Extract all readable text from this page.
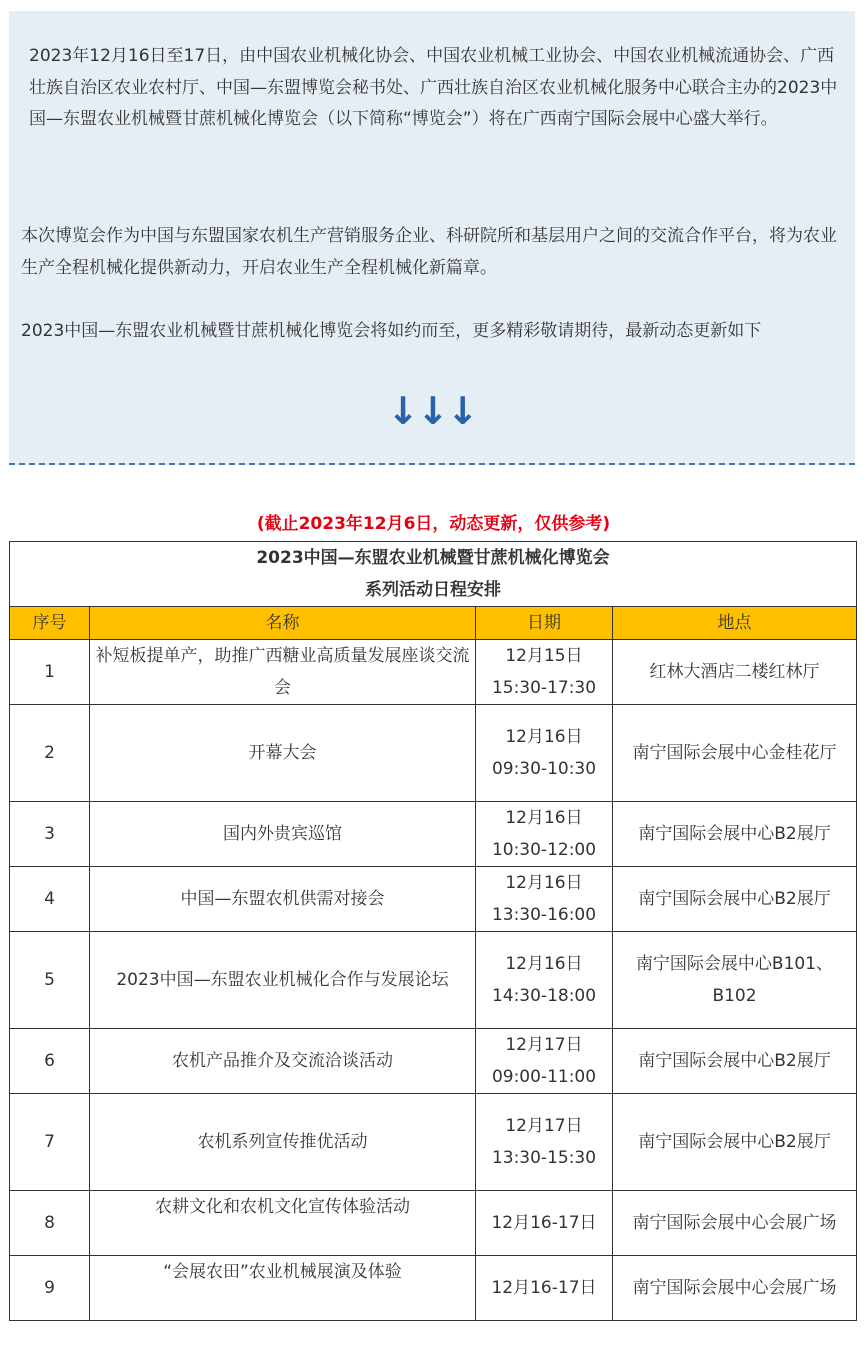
2023年12月16日至17日，由中国农业机械化协会、中国农业机械工业协会、中国农业机械流通协会、广西壮族自治区农业农村厅、中国—东盟博览会秘书处、广西壮族自治区农业机械化服务中心联合主办的2023中国—东盟农业机械暨甘蔗机械化博览会（以下简称“博览会”）将在广西南宁国际会展中心盛大举行。
本次博览会作为中国与东盟国家农机生产营销服务企业、科研院所和基层用户之间的交流合作平台，将为农业生产全程机械化提供新动力，开启农业生产全程机械化新篇章。
2023中国—东盟农业机械暨甘蔗机械化博览会将如约而至，更多精彩敬请期待，最新动态更新如下
↓↓↓
(截止2023年12月6日，动态更新，仅供参考)
2023中国—东盟农业机械暨甘蔗机械化博览会
系列活动日程安排			

序号	名称	日期	地点
1	补短板提单产，助推广西糖业高质量发展座谈交流会	12月15日 15:30-17:30	红林大酒店二楼红林厅
2	开幕大会	12月16日 09:30-10:30	南宁国际会展中心金桂花厅
3	国内外贵宾巡馆	12月16日 10:30-12:00	南宁国际会展中心B2展厅
4	中国—东盟农机供需对接会	12月16日 13:30-16:00	南宁国际会展中心B2展厅
5	2023中国—东盟农业机械化合作与发展论坛	12月16日 14:30-18:00	南宁国际会展中心B101、B102
6	农机产品推介及交流洽谈活动	12月17日 09:00-11:00	南宁国际会展中心B2展厅
7	农机系列宣传推优活动	12月17日 13:30-15:30	南宁国际会展中心B2展厅
8	农耕文化和农机文化宣传体验活动	12月16-17日	南宁国际会展中心会展广场
9	“会展农田”农业机械展演及体验	12月16-17日	南宁国际会展中心会展广场
